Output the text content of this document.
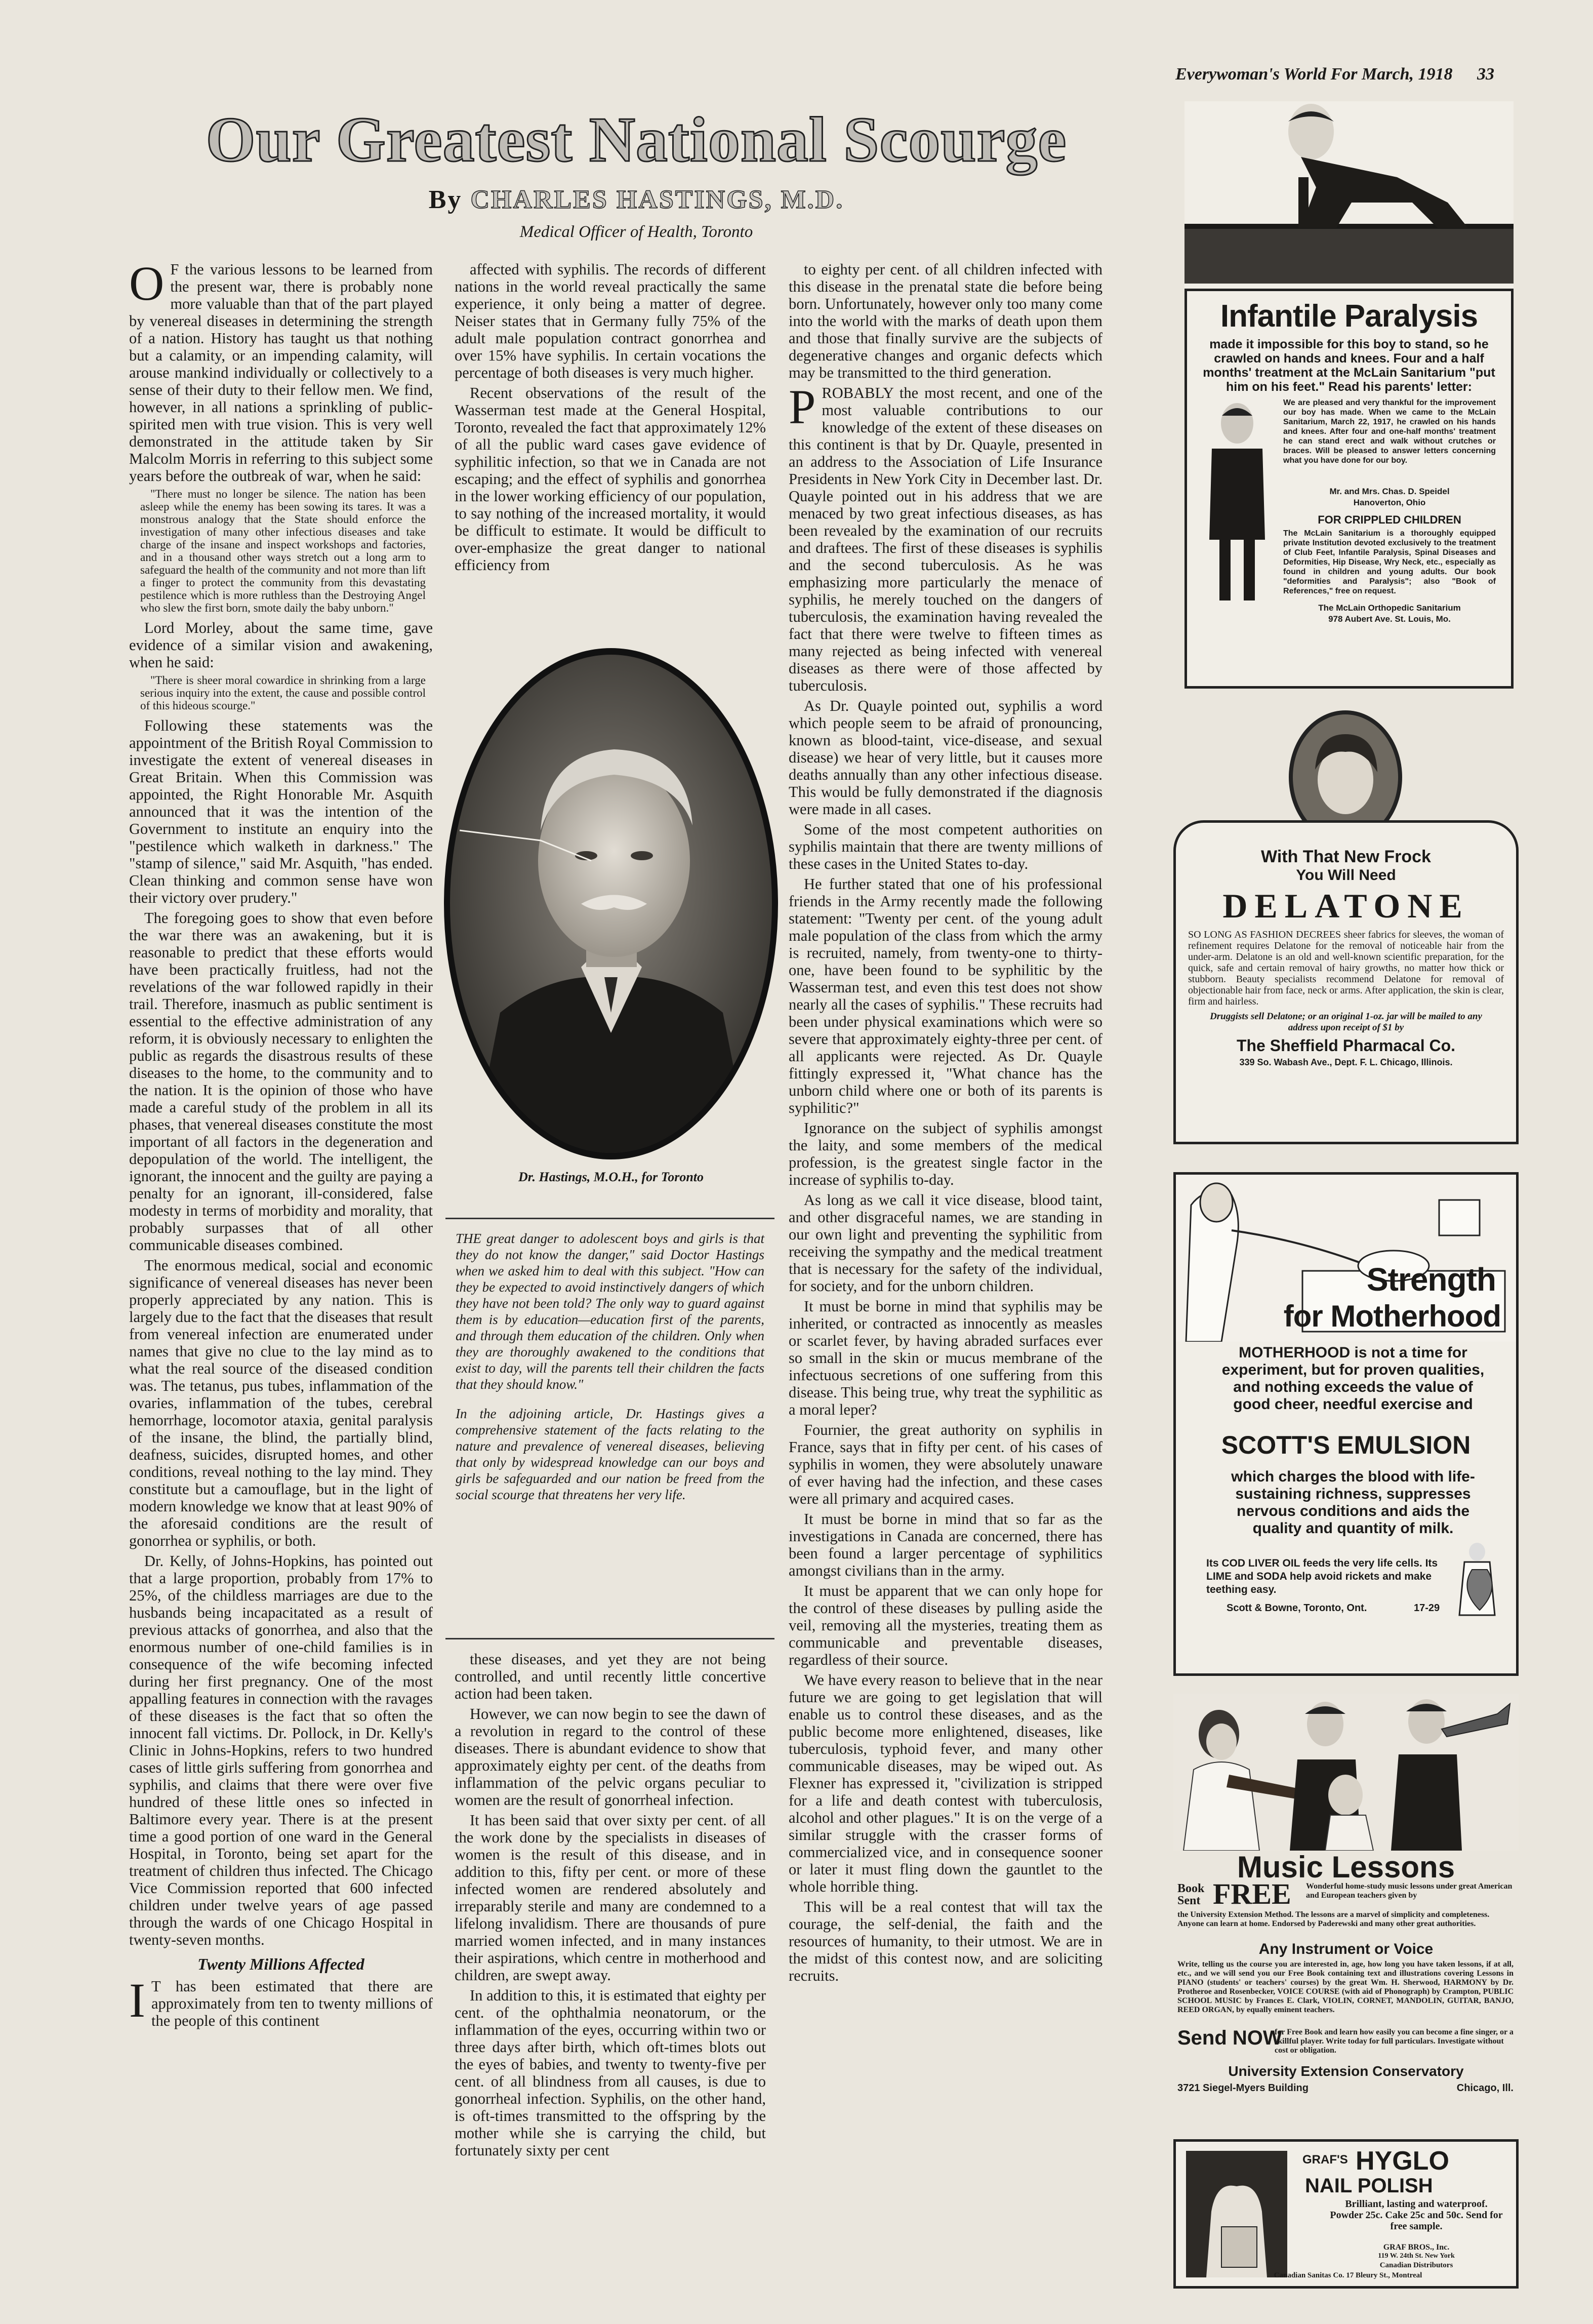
Everywoman's World For March, 1918 33
Our Greatest National Scourge
By CHARLES HASTINGS, M.D.
Medical Officer of Health, Toronto

O F the various lessons to be learned from the present war, there is probably none more valuable than that of the part played by venereal diseases in determining the strength of a nation. History has taught us that nothing but a calamity, or an impending calamity, will arouse mankind individually or collectively to a sense of their duty to their fellow men. We find, however, in all nations a sprinkling of public-spirited men with true vision. This is very well demonstrated in the attitude taken by Sir Malcolm Morris in referring to this subject some years before the outbreak of war, when he said:

"There must no longer be silence. The nation has been asleep while the enemy has been sowing its tares. It was a monstrous analogy that the State should enforce the investigation of many other infectious diseases and take charge of the insane and inspect workshops and factories, and in a thousand other ways stretch out a long arm to safeguard the health of the community and not more than lift a finger to protect the community from this devastating pestilence which is more ruthless than the Destroying Angel who slew the first born, smote daily the baby unborn."

Lord Morley, about the same time, gave evidence of a similar vision and awakening, when he said:

"There is sheer moral cowardice in shrinking from a large serious inquiry into the extent, the cause and possible control of this hideous scourge."

Following these statements was the appointment of the British Royal Commission to investigate the extent of venereal diseases in Great Britain. When this Commission was appointed, the Right Honorable Mr. Asquith announced that it was the intention of the Government to institute an enquiry into the "pestilence which walketh in darkness." The "stamp of silence," said Mr. Asquith, "has ended. Clean thinking and common sense have won their victory over prudery."

The foregoing goes to show that even before the war there was an awakening, but it is reasonable to predict that these efforts would have been practically fruitless, had not the revelations of the war followed rapidly in their trail. Therefore, inasmuch as public sentiment is essential to the effective administration of any reform, it is obviously necessary to enlighten the public as regards the disastrous results of these diseases to the home, to the community and to the nation. It is the opinion of those who have made a careful study of the problem in all its phases, that venereal diseases constitute the most important of all factors in the degeneration and depopulation of the world. The intelligent, the ignorant, the innocent and the guilty are paying a penalty for an ignorant, ill-considered, false modesty in terms of morbidity and morality, that probably surpasses that of all other communicable diseases combined.

The enormous medical, social and economic significance of venereal diseases has never been properly appreciated by any nation. This is largely due to the fact that the diseases that result from venereal infection are enumerated under names that give no clue to the lay mind as to what the real source of the diseased condition was. The tetanus, pus tubes, inflammation of the ovaries, inflammation of the tubes, cerebral hemorrhage, locomotor ataxia, genital paralysis of the insane, the blind, the partially blind, deafness, suicides, disrupted homes, and other conditions, reveal nothing to the lay mind. They constitute but a camouflage, but in the light of modern knowledge we know that at least 90% of the aforesaid conditions are the result of gonorrhea or syphilis, or both.

Dr. Kelly, of Johns-Hopkins, has pointed out that a large proportion, probably from 17% to 25%, of the childless marriages are due to the husbands being incapacitated as a result of previous attacks of gonorrhea, and also that the enormous number of one-child families is in consequence of the wife becoming infected during her first pregnancy. One of the most appalling features in connection with the ravages of these diseases is the fact that so often the innocent fall victims. Dr. Pollock, in Dr. Kelly's Clinic in Johns-Hopkins, refers to two hundred cases of little girls suffering from gonorrhea and syphilis, and claims that there were over five hundred of these little ones so infected in Baltimore every year. There is at the present time a good portion of one ward in the General Hospital, in Toronto, being set apart for the treatment of children thus infected. The Chicago Vice Commission reported that 600 infected children under twelve years of age passed through the wards of one Chicago Hospital in twenty-seven months.

Twenty Millions Affected

I T has been estimated that there are approximately from ten to twenty millions of the people of this continent

affected with syphilis. The records of different nations in the world reveal practically the same experience, it only being a matter of degree. Neiser states that in Germany fully 75% of the adult male population contract gonorrhea and over 15% have syphilis. In certain vocations the percentage of both diseases is very much higher.

Recent observations of the result of the Wasserman test made at the General Hospital, Toronto, revealed the fact that approximately 12% of all the public ward cases gave evidence of syphilitic infection, so that we in Canada are not escaping; and the effect of syphilis and gonorrhea in the lower working efficiency of our population, to say nothing of the increased mortality, it would be difficult to estimate. It would be difficult to over-emphasize the great danger to national efficiency from

Dr. Hastings, M.O.H., for Toronto

THE great danger to adolescent boys and girls is that they do not know the danger," said Doctor Hastings when we asked him to deal with this subject. "How can they be expected to avoid instinctively dangers of which they have not been told? The only way to guard against them is by education—education first of the parents, and through them education of the children. Only when they are thoroughly awakened to the conditions that exist to day, will the parents tell their children the facts that they should know."

In the adjoining article, Dr. Hastings gives a comprehensive statement of the facts relating to the nature and prevalence of venereal diseases, believing that only by widespread knowledge can our boys and girls be safeguarded and our nation be freed from the social scourge that threatens her very life.

these diseases, and yet they are not being controlled, and until recently little concertive action had been taken.

However, we can now begin to see the dawn of a revolution in regard to the control of these diseases. There is abundant evidence to show that approximately eighty per cent. of the deaths from inflammation of the pelvic organs peculiar to women are the result of gonorrheal infection.

It has been said that over sixty per cent. of all the work done by the specialists in diseases of women is the result of this disease, and in addition to this, fifty per cent. or more of these infected women are rendered absolutely and irreparably sterile and many are condemned to a lifelong invalidism. There are thousands of pure married women infected, and in many instances their aspirations, which centre in motherhood and children, are swept away.

In addition to this, it is estimated that eighty per cent. of the ophthalmia neonatorum, or the inflammation of the eyes, occurring within two or three days after birth, which oft-times blots out the eyes of babies, and twenty to twenty-five per cent. of all blindness from all causes, is due to gonorrheal infection. Syphilis, on the other hand, is oft-times transmitted to the offspring by the mother while she is carrying the child, but fortunately sixty per cent

to eighty per cent. of all children infected with this disease in the prenatal state die before being born. Unfortunately, however only too many come into the world with the marks of death upon them and those that finally survive are the subjects of degenerative changes and organic defects which may be transmitted to the third generation.

PROBABLY the most recent, and one of the most valuable contributions to our knowledge of the extent of these diseases on this continent is that by Dr. Quayle, presented in an address to the Association of Life Insurance Presidents in New York City in December last. Dr. Quayle pointed out in his address that we are menaced by two great infectious diseases, as has been revealed by the examination of our recruits and draftees. The first of these diseases is syphilis and the second tuberculosis. As he was emphasizing more particularly the menace of syphilis, he merely touched on the dangers of tuberculosis, the examination having revealed the fact that there were twelve to fifteen times as many rejected as being infected with venereal diseases as there were of those affected by tuberculosis.

As Dr. Quayle pointed out, syphilis a word which people seem to be afraid of pronouncing, known as blood-taint, vice-disease, and sexual disease) we hear of very little, but it causes more deaths annually than any other infectious disease. This would be fully demonstrated if the diagnosis were made in all cases.

Some of the most competent authorities on syphilis maintain that there are twenty millions of these cases in the United States to-day.

He further stated that one of his professional friends in the Army recently made the following statement: "Twenty per cent. of the young adult male population of the class from which the army is recruited, namely, from twenty-one to thirty-one, have been found to be syphilitic by the Wasserman test, and even this test does not show nearly all the cases of syphilis." These recruits had been under physical examinations which were so severe that approximately eighty-three per cent. of all applicants were rejected. As Dr. Quayle fittingly expressed it, "What chance has the unborn child where one or both of its parents is syphilitic?"

Ignorance on the subject of syphilis amongst the laity, and some members of the medical profession, is the greatest single factor in the increase of syphilis to-day.

As long as we call it vice disease, blood taint, and other disgraceful names, we are standing in our own light and preventing the syphilitic from receiving the sympathy and the medical treatment that is necessary for the safety of the individual, for society, and for the unborn children.

It must be borne in mind that syphilis may be inherited, or contracted as innocently as measles or scarlet fever, by having abraded surfaces ever so small in the skin or mucus membrane of the infectuous secretions of one suffering from this disease. This being true, why treat the syphilitic as a moral leper?

Fournier, the great authority on syphilis in France, says that in fifty per cent. of his cases of syphilis in women, they were absolutely unaware of ever having had the infection, and these cases were all primary and acquired cases.

It must be borne in mind that so far as the investigations in Canada are concerned, there has been found a larger percentage of syphilitics amongst civilians than in the army.

It must be apparent that we can only hope for the control of these diseases by pulling aside the veil, removing all the mysteries, treating them as communicable and preventable diseases, regardless of their source.

We have every reason to believe that in the near future we are going to get legislation that will enable us to control these diseases, and as the public become more enlightened, diseases, like tuberculosis, typhoid fever, and many other communicable diseases, may be wiped out. As Flexner has expressed it, "civilization is stripped for a life and death contest with tuberculosis, alcohol and other plagues." It is on the verge of a similar struggle with the crasser forms of commercialized vice, and in consequence sooner or later it must fling down the gauntlet to the whole horrible thing.

This will be a real contest that will tax the courage, the self-denial, the faith and the resources of humanity, to their utmost. We are in the midst of this contest now, and are soliciting recruits.

Infantile Paralysis
made it impossible for this boy to stand, so he crawled on hands and knees. Four and a half months' treatment at the McLain Sanitarium "put him on his feet." Read his parents' letter:
We are pleased and very thankful for the improvement our boy has made. When we came to the McLain Sanitarium, March 22, 1917, he crawled on his hands and knees. After four and one-half months' treatment he can stand erect and walk without crutches or braces. Will be pleased to answer letters concerning what you have done for our boy.
Mr. and Mrs. Chas. D. Speidel
Hanoverton, Ohio
FOR CRIPPLED CHILDREN
The McLain Sanitarium is a thoroughly equipped private Institution devoted exclusively to the treatment of Club Feet, Infantile Paralysis, Spinal Diseases and Deformities, Hip Disease, Wry Neck, etc., especially as found in children and young adults. Our book "deformities and Paralysis"; also "Book of References," free on request.
The McLain Orthopedic Sanitarium
978 Aubert Ave. St. Louis, Mo.
With That New Frock
You Will Need
DELATONE
SO LONG AS FASHION DECREES sheer fabrics for sleeves, the woman of refinement requires Delatone for the removal of noticeable hair from the under-arm. Delatone is an old and well-known scientific preparation, for the quick, safe and certain removal of hairy growths, no matter how thick or stubborn. Beauty specialists recommend Delatone for removal of objectionable hair from face, neck or arms. After application, the skin is clear, firm and hairless.
Druggists sell Delatone; or an original 1-oz. jar will be mailed to any address upon receipt of $1 by
The Sheffield Pharmacal Co.
339 So. Wabash Ave., Dept. F. L. Chicago, Illinois.
Strength
for Motherhood
MOTHERHOOD is not a time for experiment, but for proven qualities, and nothing exceeds the value of good cheer, needful exercise and
SCOTT'S EMULSION
which charges the blood with life-sustaining richness, suppresses nervous conditions and aids the quality and quantity of milk.
Its COD LIVER OIL feeds the very life cells. Its LIME and SODA help avoid rickets and make teething easy.
Scott & Bowne, Toronto, Ont.	17-29
Music Lessons
Book
Sent FREE Wonderful home-study music lessons under great American and European teachers given by
the University Extension Method. The lessons are a marvel of simplicity and completeness. Anyone can learn at home. Endorsed by Paderewski and many other great authorities.
Any Instrument or Voice
Write, telling us the course you are interested in, age, how long you have taken lessons, if at all, etc., and we will send you our Free Book containing text and illustrations covering Lessons in PIANO (students' or teachers' courses) by the great Wm. H. Sherwood, HARMONY by Dr. Protheroe and Rosenbecker, VOICE COURSE (with aid of Phonograph) by Crampton, PUBLIC SCHOOL MUSIC by Frances E. Clark, VIOLIN, CORNET, MANDOLIN, GUITAR, BANJO, REED ORGAN, by equally eminent teachers.
Send NOW
for Free Book and learn how easily you can become a fine singer, or a skillful player. Write today for full particulars. Investigate without cost or obligation.
University Extension Conservatory
3721 Siegel-Myers Building	Chicago, Ill.
GRAF'S HYGLO
NAIL POLISH
Brilliant, lasting and waterproof. Powder 25c. Cake 25c and 50c. Send for free sample.
GRAF BROS., Inc.
119 W. 24th St. New York
Canadian Distributors
Canadian Sanitas Co. 17 Bleury St., Montreal
